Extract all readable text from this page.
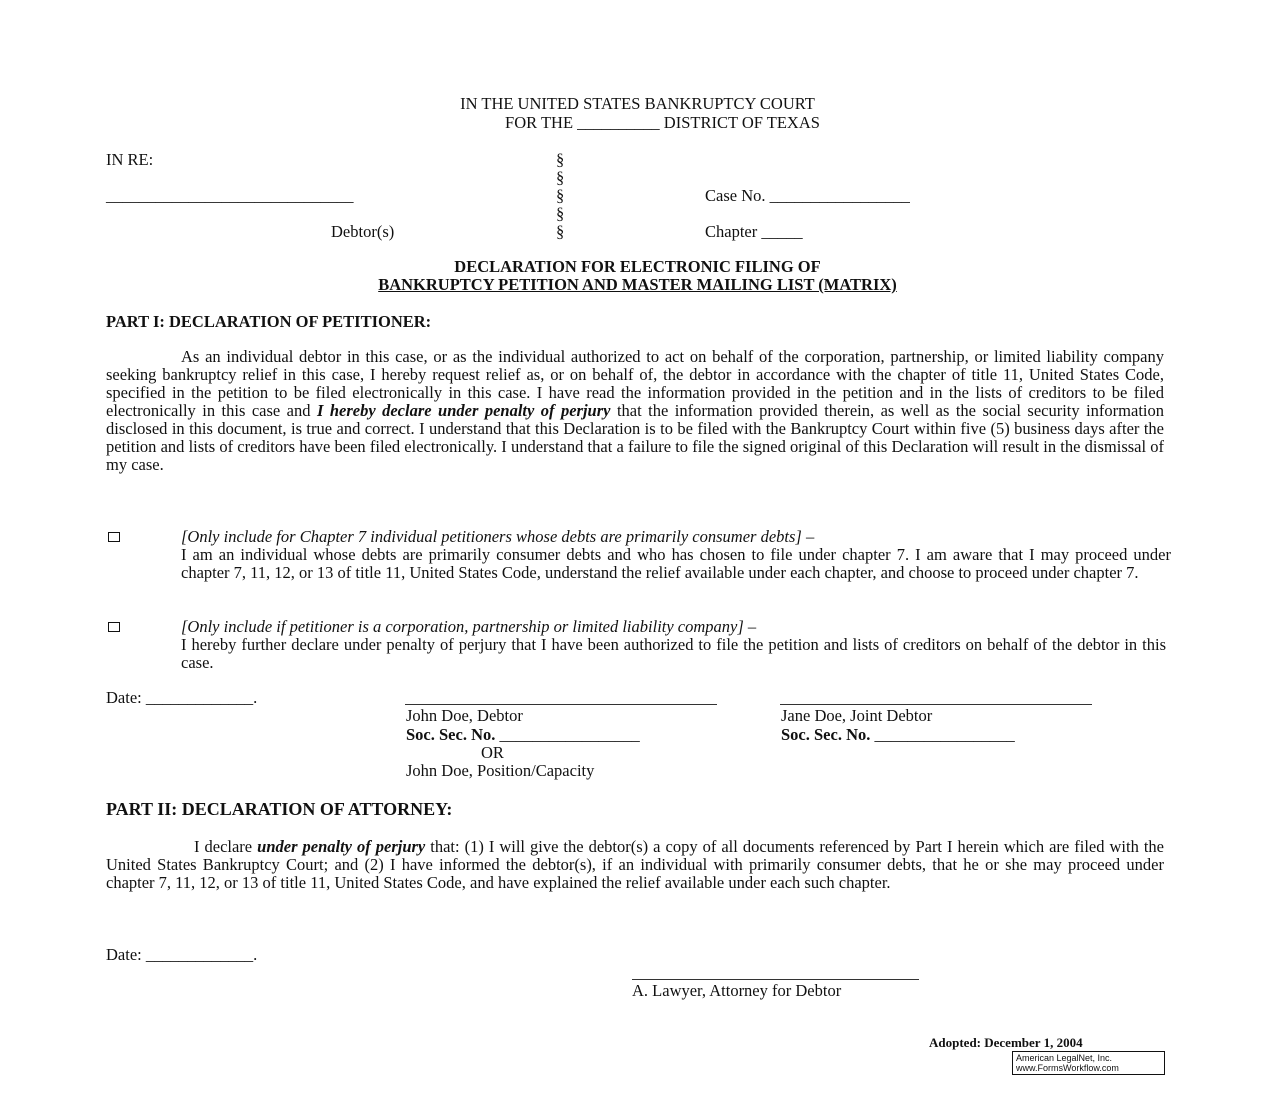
IN THE UNITED STATES BANKRUPTCY COURT
FOR THE __________ DISTRICT OF TEXAS
IN RE:	§
§
§
§
§
______________________________
Debtor(s)
Case No. _________________
Chapter _____
DECLARATION FOR ELECTRONIC FILING OF
BANKRUPTCY PETITION AND MASTER MAILING LIST (MATRIX)
PART I: DECLARATION OF PETITIONER:
As an individual debtor in this case, or as the individual authorized to act on behalf of the corporation, partnership, or limited liability company seeking bankruptcy relief in this case, I hereby request relief as, or on behalf of, the debtor in accordance with the chapter of title 11, United States Code, specified in the petition to be filed electronically in this case. I have read the information provided in the petition and in the lists of creditors to be filed electronically in this case and I hereby declare under penalty of perjury that the information provided therein, as well as the social security information disclosed in this document, is true and correct. I understand that this Declaration is to be filed with the Bankruptcy Court within five (5) business days after the petition and lists of creditors have been filed electronically. I understand that a failure to file the signed original of this Declaration will result in the dismissal of my case.
[Only include for Chapter 7 individual petitioners whose debts are primarily consumer debts] –
I am an individual whose debts are primarily consumer debts and who has chosen to file under chapter 7. I am aware that I may proceed under chapter 7, 11, 12, or 13 of title 11, United States Code, understand the relief available under each chapter, and choose to proceed under chapter 7.
[Only include if petitioner is a corporation, partnership or limited liability company] –
I hereby further declare under penalty of perjury that I have been authorized to file the petition and lists of creditors on behalf of the debtor in this case.
Date: _____________.
John Doe, Debtor
Soc. Sec. No. _________________
OR
John Doe, Position/Capacity
Jane Doe, Joint Debtor
Soc. Sec. No. _________________
PART II: DECLARATION OF ATTORNEY:
I declare under penalty of perjury that: (1) I will give the debtor(s) a copy of all documents referenced by Part I herein which are filed with the United States Bankruptcy Court; and (2) I have informed the debtor(s), if an individual with primarily consumer debts, that he or she may proceed under chapter 7, 11, 12, or 13 of title 11, United States Code, and have explained the relief available under each such chapter.
Date: _____________.
A. Lawyer, Attorney for Debtor
Adopted: December 1, 2004
American LegalNet, Inc.
www.FormsWorkflow.com
